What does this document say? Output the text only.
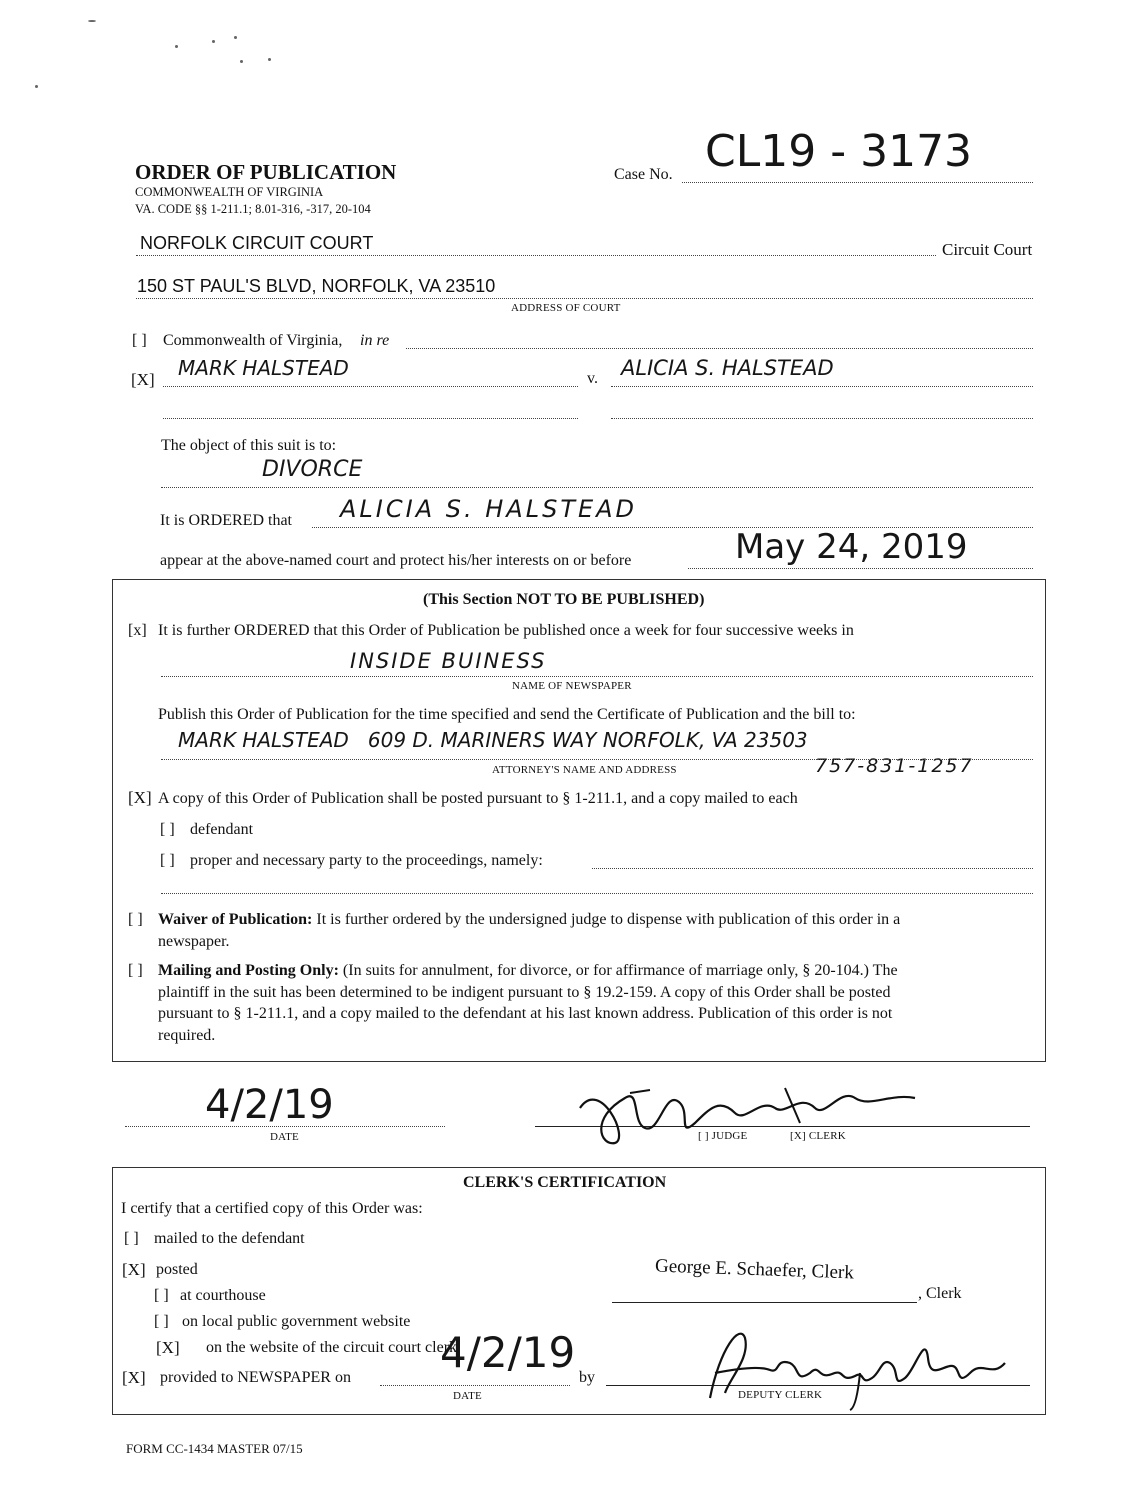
ORDER OF PUBLICATION
COMMONWEALTH OF VIRGINIA
VA. CODE §§ 1-211.1; 8.01-316, -317, 20-104
Case No. CL19 - 3173
NORFOLK CIRCUIT COURT	Circuit Court
150 ST PAUL'S BLVD, NORFOLK, VA 23510
ADDRESS OF COURT
[ ] Commonwealth of Virginia, in re
[X] MARK HALSTEAD	v. ALICIA S. HALSTEAD
The object of this suit is to:
DIVORCE
It is ORDERED that ALICIA S. HALSTEAD
appear at the above-named court and protect his/her interests on or before	May 24, 2019
(This Section NOT TO BE PUBLISHED)
[x] It is further ORDERED that this Order of Publication be published once a week for four successive weeks in
INSIDE BUINESS
NAME OF NEWSPAPER
Publish this Order of Publication for the time specified and send the Certificate of Publication and the bill to:
MARK HALSTEAD   609 D. MARINERS WAY NORFOLK, VA 23503
757-831-1257
ATTORNEY'S NAME AND ADDRESS
[X] A copy of this Order of Publication shall be posted pursuant to § 1-211.1, and a copy mailed to each
[ ] defendant
[ ] proper and necessary party to the proceedings, namely:
[ ] Waiver of Publication: It is further ordered by the undersigned judge to dispense with publication of this order in a
newspaper.
[ ] Mailing and Posting Only: (In suits for annulment, for divorce, or for affirmance of marriage only, § 20-104.) The
plaintiff in the suit has been determined to be indigent pursuant to § 19.2-159. A copy of this Order shall be posted
pursuant to § 1-211.1, and a copy mailed to the defendant at his last known address. Publication of this order is not
required.
4/2/19
DATE	[ ] JUDGE	[X] CLERK
CLERK'S CERTIFICATION
I certify that a certified copy of this Order was:
[ ] mailed to the defendant
[X] posted
[ ] at courthouse
[ ] on local public government website
[X] on the website of the circuit court clerk
[X] provided to NEWSPAPER on
4/2/19
DATE
by
George E. Schaefer, Clerk
, Clerk
DEPUTY CLERK
FORM CC-1434 MASTER 07/15
